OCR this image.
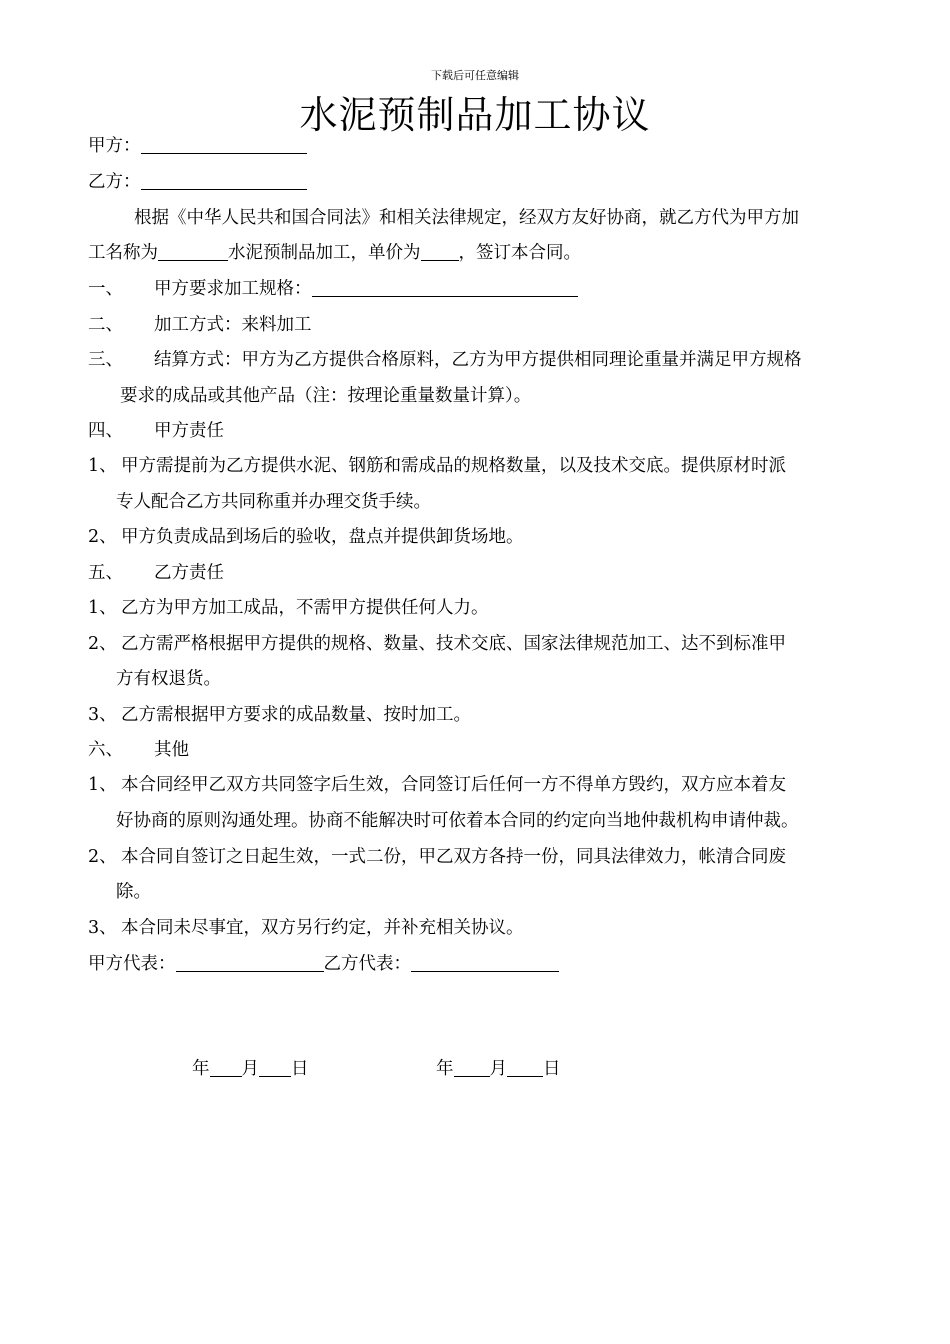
下载后可任意编辑
水泥预制品加工协议
甲方：
乙方：
根据《中华人民共和国合同法》和相关法律规定，经双方友好协商，就乙方代为甲方加
工名称为	水泥预制品加工，单价为 ，签订本合同。
一、 甲方要求加工规格：
二、 加工方式：来料加工
三、 结算方式：甲方为乙方提供合格原料，乙方为甲方提供相同理论重量并满足甲方规格
要求的成品或其他产品（注：按理论重量数量计算）。
四、 甲方责任
1、 甲方需提前为乙方提供水泥、钢筋和需成品的规格数量，以及技术交底。提供原材时派
专人配合乙方共同称重并办理交货手续。
2、 甲方负责成品到场后的验收，盘点并提供卸货场地。
五、 乙方责任
1、 乙方为甲方加工成品，不需甲方提供任何人力。
2、 乙方需严格根据甲方提供的规格、数量、技术交底、国家法律规范加工、达不到标准甲
方有权退货。
3、 乙方需根据甲方要求的成品数量、按时加工。
六、 其他
1、 本合同经甲乙双方共同签字后生效，合同签订后任何一方不得单方毁约，双方应本着友
好协商的原则沟通处理。协商不能解决时可依着本合同的约定向当地仲裁机构申请仲裁。
2、 本合同自签订之日起生效，一式二份，甲乙双方各持一份，同具法律效力，帐清合同废
除。
3、 本合同未尽事宜，双方另行约定，并补充相关协议。
甲方代表：	乙方代表：
年 月 日	年 月 日
